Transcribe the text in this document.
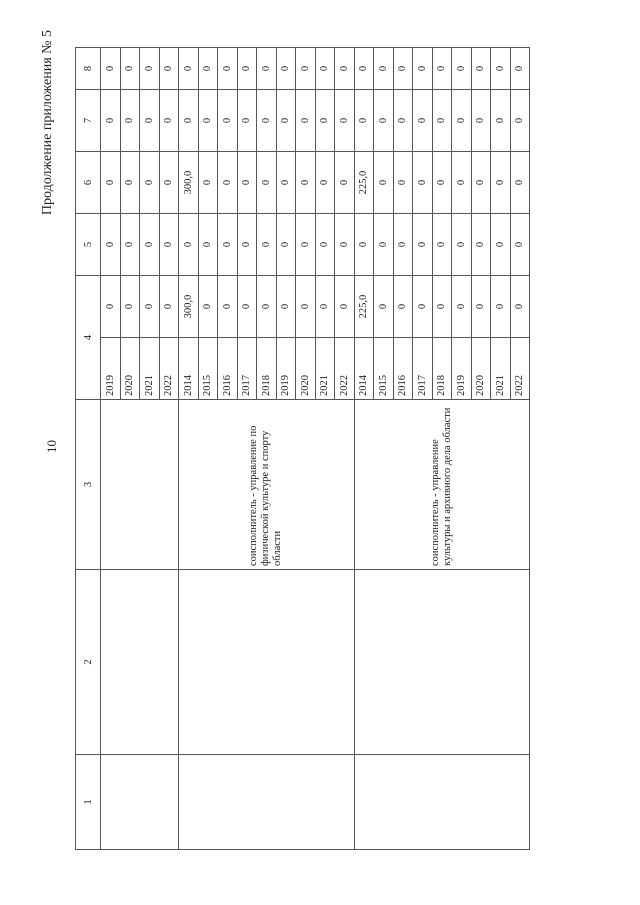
Продолжение приложения № 5
10
1	2	3	4		5	6	7	8
			2019	0	0	0	0	0
			2020	0	0	0	0	0
			2021	0	0	0	0	0
			2022	0	0	0	0	0
		соисполнитель - управление по физической культуре и спорту области	2014	300,0	0	300,0	0	0
			2015	0	0	0	0	0
			2016	0	0	0	0	0
			2017	0	0	0	0	0
			2018	0	0	0	0	0
			2019	0	0	0	0	0
			2020	0	0	0	0	0
			2021	0	0	0	0	0
			2022	0	0	0	0	0
		соисполнитель - управление культуры и архивного дела области	2014	225,0	0	225,0	0	0
			2015	0	0	0	0	0
			2016	0	0	0	0	0
			2017	0	0	0	0	0
			2018	0	0	0	0	0
			2019	0	0	0	0	0
			2020	0	0	0	0	0
			2021	0	0	0	0	0
			2022	0	0	0	0	0
